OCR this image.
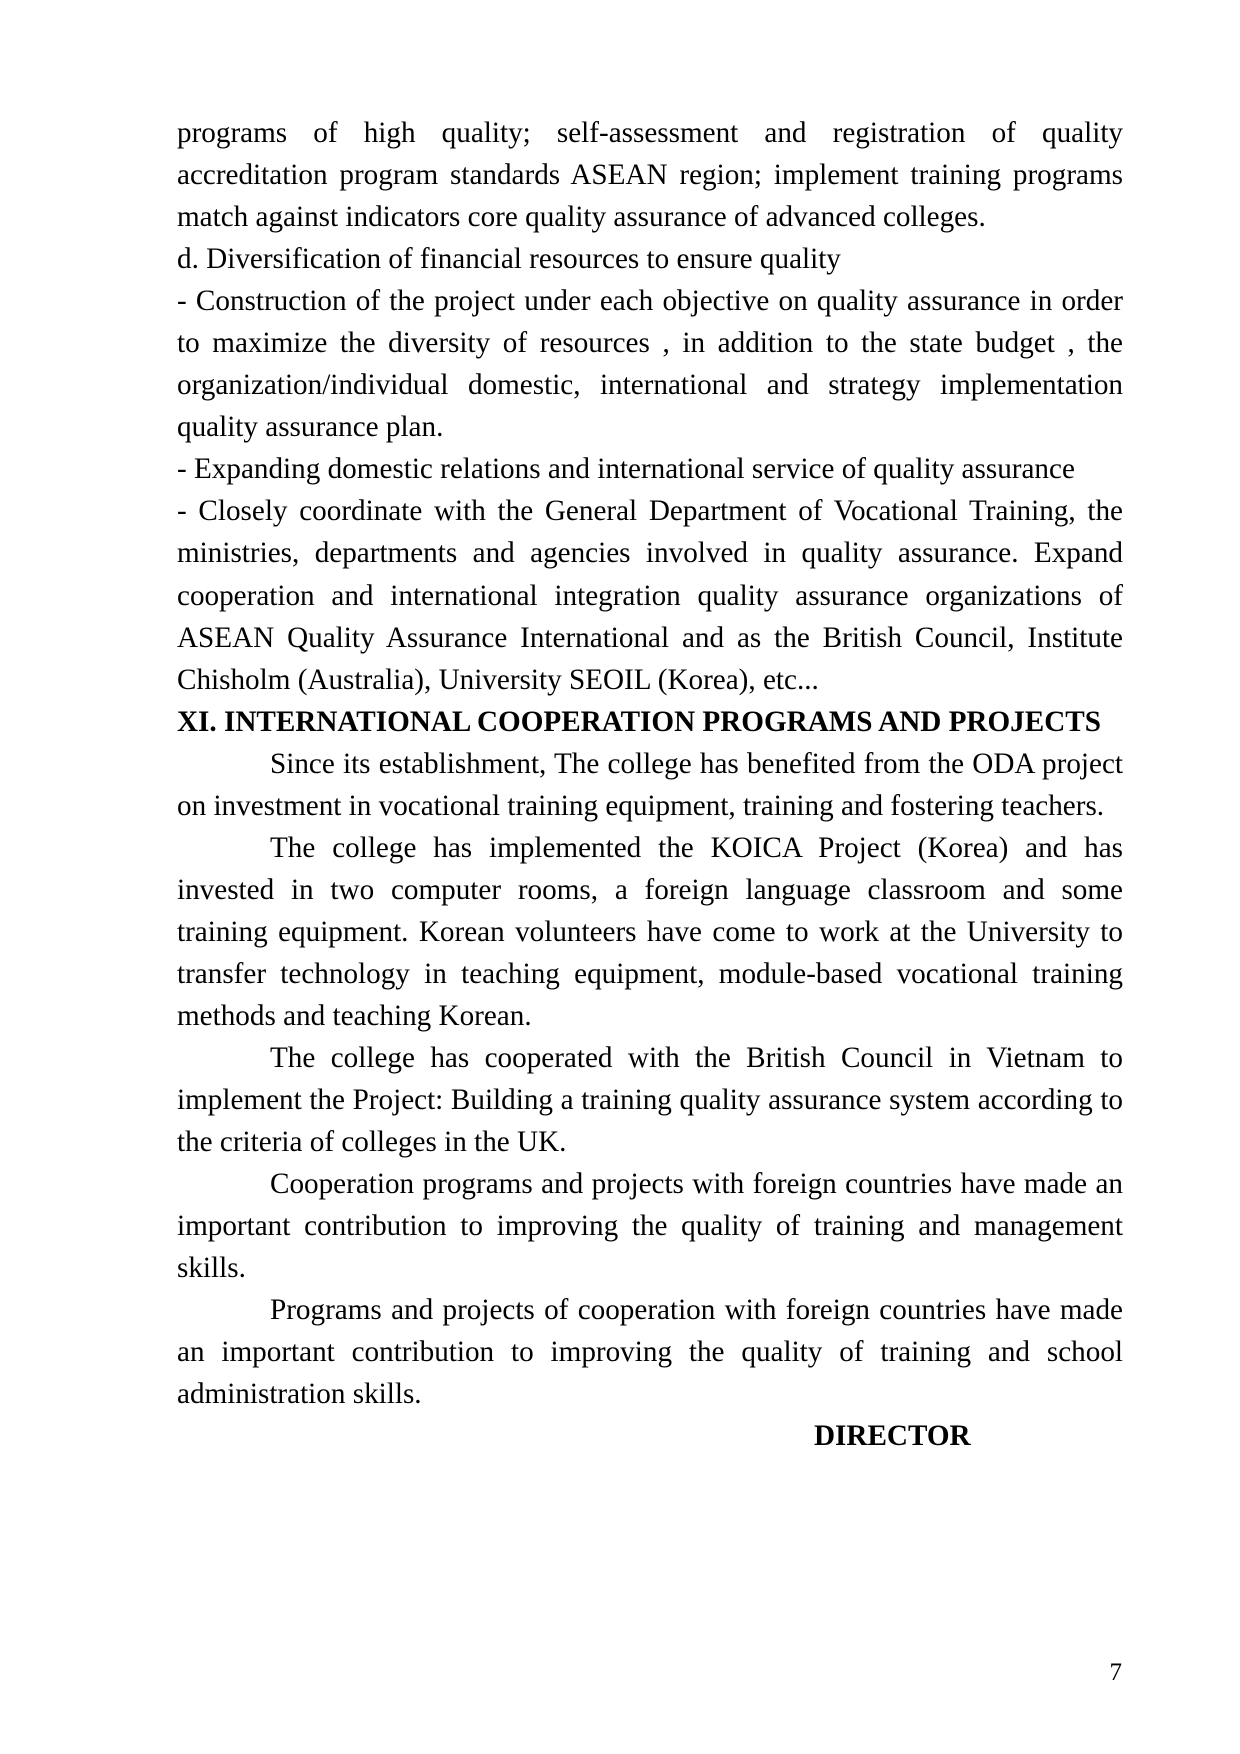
programs of high quality; self-assessment and registration of quality
accreditation program standards ASEAN region; implement training programs
match against indicators core quality assurance of advanced colleges.
d. Diversification of financial resources to ensure quality
- Construction of the project under each objective on quality assurance in order
to maximize the diversity of resources , in addition to the state budget , the
organization/individual domestic, international and strategy implementation
quality assurance plan.
- Expanding domestic relations and international service of quality assurance
- Closely coordinate with the General Department of Vocational Training, the
ministries, departments and agencies involved in quality assurance. Expand
cooperation and international integration quality assurance organizations of
ASEAN Quality Assurance International and as the British Council, Institute
Chisholm (Australia), University SEOIL (Korea), etc...
XI. INTERNATIONAL COOPERATION PROGRAMS AND PROJECTS
Since its establishment, The college has benefited from the ODA project
on investment in vocational training equipment, training and fostering teachers.
The college has implemented the KOICA Project (Korea) and has
invested in two computer rooms, a foreign language classroom and some
training equipment. Korean volunteers have come to work at the University to
transfer technology in teaching equipment, module-based vocational training
methods and teaching Korean.
The college has cooperated with the British Council in Vietnam to
implement the Project: Building a training quality assurance system according to
the criteria of colleges in the UK.
Cooperation programs and projects with foreign countries have made an
important contribution to improving the quality of training and management
skills.
Programs and projects of cooperation with foreign countries have made
an important contribution to improving the quality of training and school
administration skills.
DIRECTOR
7
